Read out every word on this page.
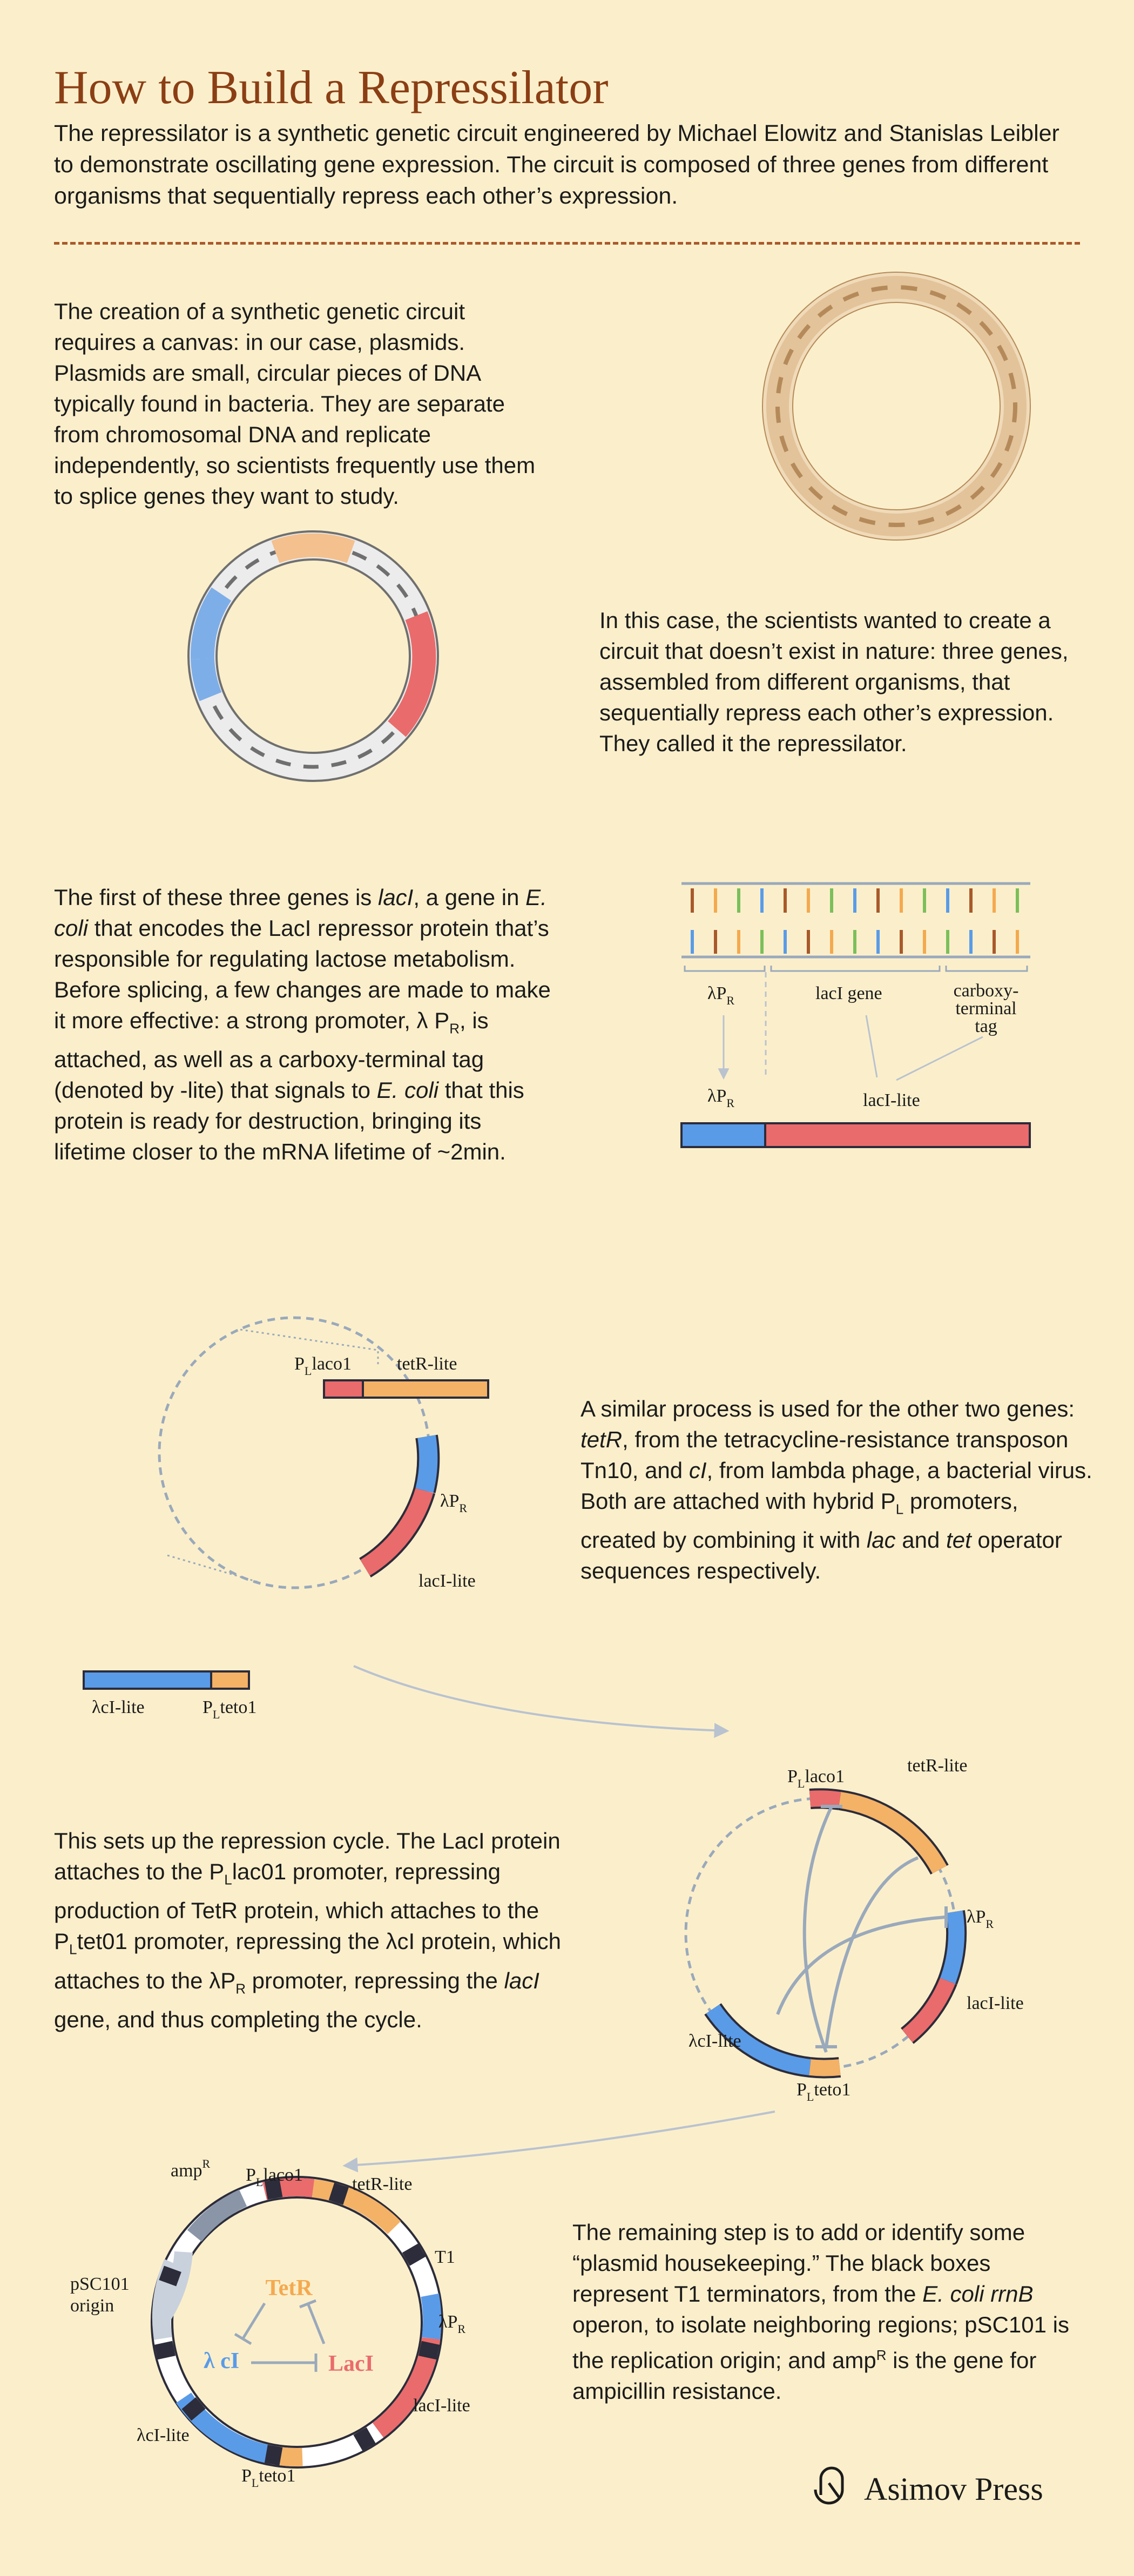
How to Build a Repressilator
The repressilator is a synthetic genetic circuit engineered by Michael Elowitz and Stanislas Leibler to demonstrate oscillating gene expression. The circuit is composed of three genes from different organisms that sequentially repress each other’s expression.
The creation of a synthetic genetic circuit requires a canvas: in our case, plasmids. Plasmids are small, circular pieces of DNA typically found in bacteria. They are separate from chromosomal DNA and replicate independently, so scientists frequently use them to splice genes they want to study.
$\lambda P_R$	lacI gene	carboxy-
terminal
tag
$\lambda P_R$	lacI-lite
$\lambda P_R$
lacI-lite
$P_Llaco1$ tetR-lite
λcI-lite	$P_Lteto1$
$P_Llaco1$
tetR-lite
$\lambda P_R$
lacI-lite
λcI-lite
$P_Lteto1$
$P_Llaco1$	tetR-lite
amp$^R$
T1
$\lambda P_R$
lacI-lite
λcI-lite
$P_Lteto1$
pSC101
origin
TetR
LacI
λ cI
In this case, the scientists wanted to create a circuit that doesn’t exist in nature: three genes, assembled from different organisms, that sequentially repress each other’s expression. They called it the repressilator.
The first of these three genes is lacI, a gene in E. coli that encodes the LacI repressor protein that’s responsible for regulating lactose metabolism. Before splicing, a few changes are made to make it more effective: a strong promoter, λ $P_R$, is attached, as well as a carboxy-terminal tag (denoted by -lite) that signals to E. coli that this protein is ready for destruction, bringing its lifetime closer to the mRNA lifetime of ~2min.
A similar process is used for the other two genes: tetR, from the tetracycline-resistance transposon Tn10, and cI, from lambda phage, a bacterial virus. Both are attached with hybrid $P_L$ promoters, created by combining it with lac and tet operator sequences respectively.
This sets up the repression cycle. The LacI protein attaches to the $P_Llac01$ promoter, repressing production of TetR protein, which attaches to the $P_Ltet01$ promoter, repressing the λcI protein, which attaches to the $\lambda P_R$ promoter, repressing the lacI gene, and thus completing the cycle.
The remaining step is to add or identify some “plasmid housekeeping.” The black boxes represent T1 terminators, from the E. coli rrnB operon, to isolate neighboring regions; pSC101 is the replication origin; and amp$^R$ is the gene for ampicillin resistance.
Asimov Press
